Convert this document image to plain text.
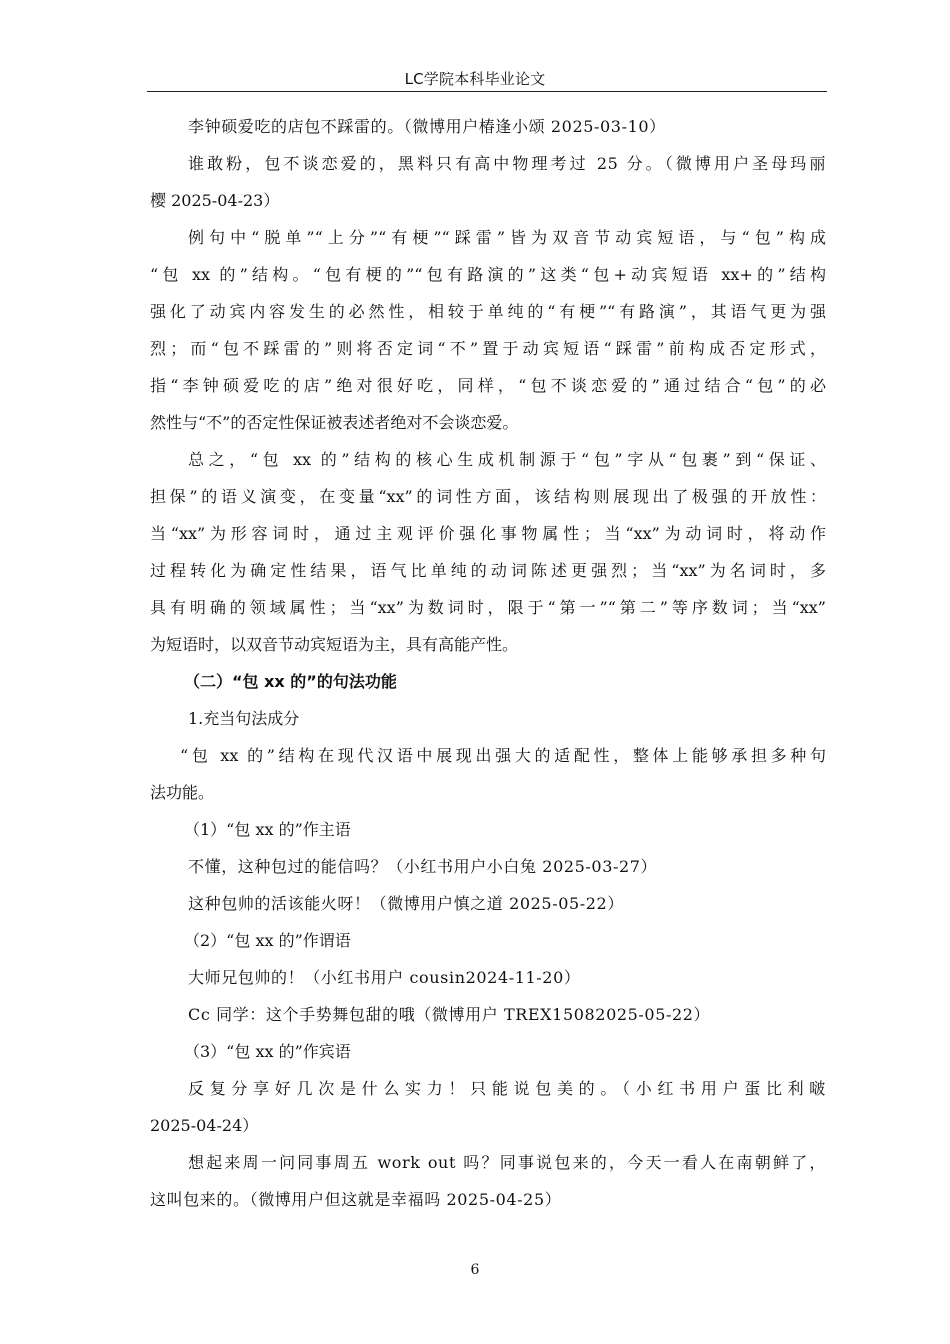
LC学院本科毕业论文
李钟硕爱吃的店包不踩雷的。（微博用户椿逢小颂 2025-03-10）
谁敢粉，包不谈恋爱的，黑料只有高中物理考过 25 分。（微博用户圣母玛丽
樱 2025-04-23）
例句中“脱单”“上分”“有梗”“踩雷”皆为双音节动宾短语，与“包”构成
“包 xx 的”结构。“包有梗的”“包有路演的”这类“包+动宾短语 xx+的”结构
强化了动宾内容发生的必然性，相较于单纯的“有梗”“有路演”，其语气更为强
烈；而“包不踩雷的”则将否定词“不”置于动宾短语“踩雷”前构成否定形式，
指“李钟硕爱吃的店”绝对很好吃，同样，“包不谈恋爱的”通过结合“包”的必
然性与“不”的否定性保证被表述者绝对不会谈恋爱。
总之，“包 xx 的”结构的核心生成机制源于“包”字从“包裹”到“保证、
担保”的语义演变，在变量“xx”的词性方面，该结构则展现出了极强的开放性：
当“xx”为形容词时，通过主观评价强化事物属性；当“xx”为动词时，将动作
过程转化为确定性结果，语气比单纯的动词陈述更强烈；当“xx”为名词时，多
具有明确的领域属性；当“xx”为数词时，限于“第一”“第二”等序数词；当“xx”
为短语时，以双音节动宾短语为主，具有高能产性。
（二）“包 xx 的”的句法功能
1.充当句法成分
“包 xx 的”结构在现代汉语中展现出强大的适配性，整体上能够承担多种句
法功能。
（1）“包 xx 的”作主语
不懂，这种包过的能信吗？（小红书用户小白兔 2025-03-27）
这种包帅的活该能火呀！（微博用户慎之道 2025-05-22）
（2）“包 xx 的”作谓语
大师兄包帅的！（小红书用户 cousin2024-11-20）
Cc 同学：这个手势舞包甜的哦（微博用户 TREX15082025-05-22）
（3）“包 xx 的”作宾语
反复分享好几次是什么实力！只能说包美的。（小红书用户蛋比利啵
2025-04-24）
想起来周一问同事周五 work out 吗？同事说包来的，今天一看人在南朝鲜了，
这叫包来的。（微博用户但这就是幸福吗 2025-04-25）
6
